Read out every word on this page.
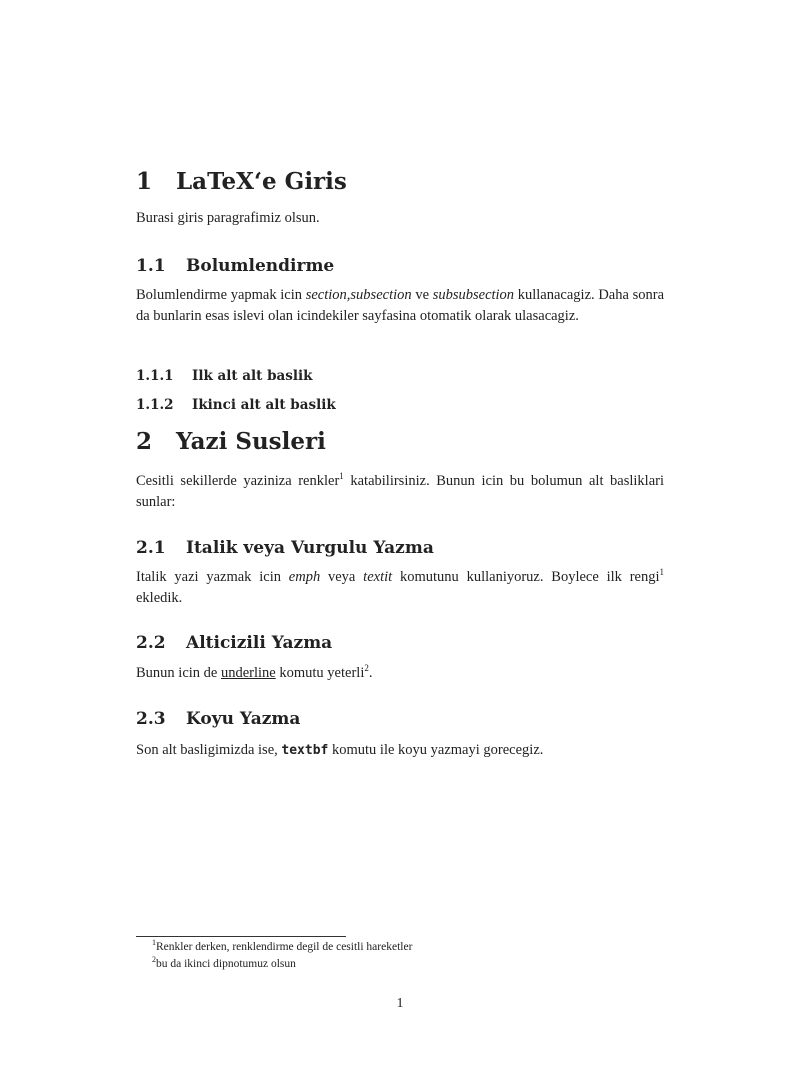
1 LaTeX‘e Giris
Burasi giris paragrafimiz olsun.
1.1 Bolumlendirme
Bolumlendirme yapmak icin section,subsection ve subsubsection kullanacagiz. Daha sonra da bunlarin esas islevi olan icindekiler sayfasina otomatik olarak ulasacagiz.
1.1.1 Ilk alt alt baslik
1.1.2 Ikinci alt alt baslik
2 Yazi Susleri
Cesitli sekillerde yaziniza renkler$^1$ katabilirsiniz. Bunun icin bu bolumun alt basliklari sunlar:
2.1 Italik veya Vurgulu Yazma
Italik yazi yazmak icin emph veya textit komutunu kullaniyoruz. Boylece ilk rengi$^1$ ekledik.
2.2 Alticizili Yazma
Bunun icin de underline komutu yeterli$^2$.
2.3 Koyu Yazma
Son alt basligimizda ise, textbf komutu ile koyu yazmayi gorecegiz.
$^1$Renkler derken, renklendirme degil de cesitli hareketler
$^2$bu da ikinci dipnotumuz olsun
1
